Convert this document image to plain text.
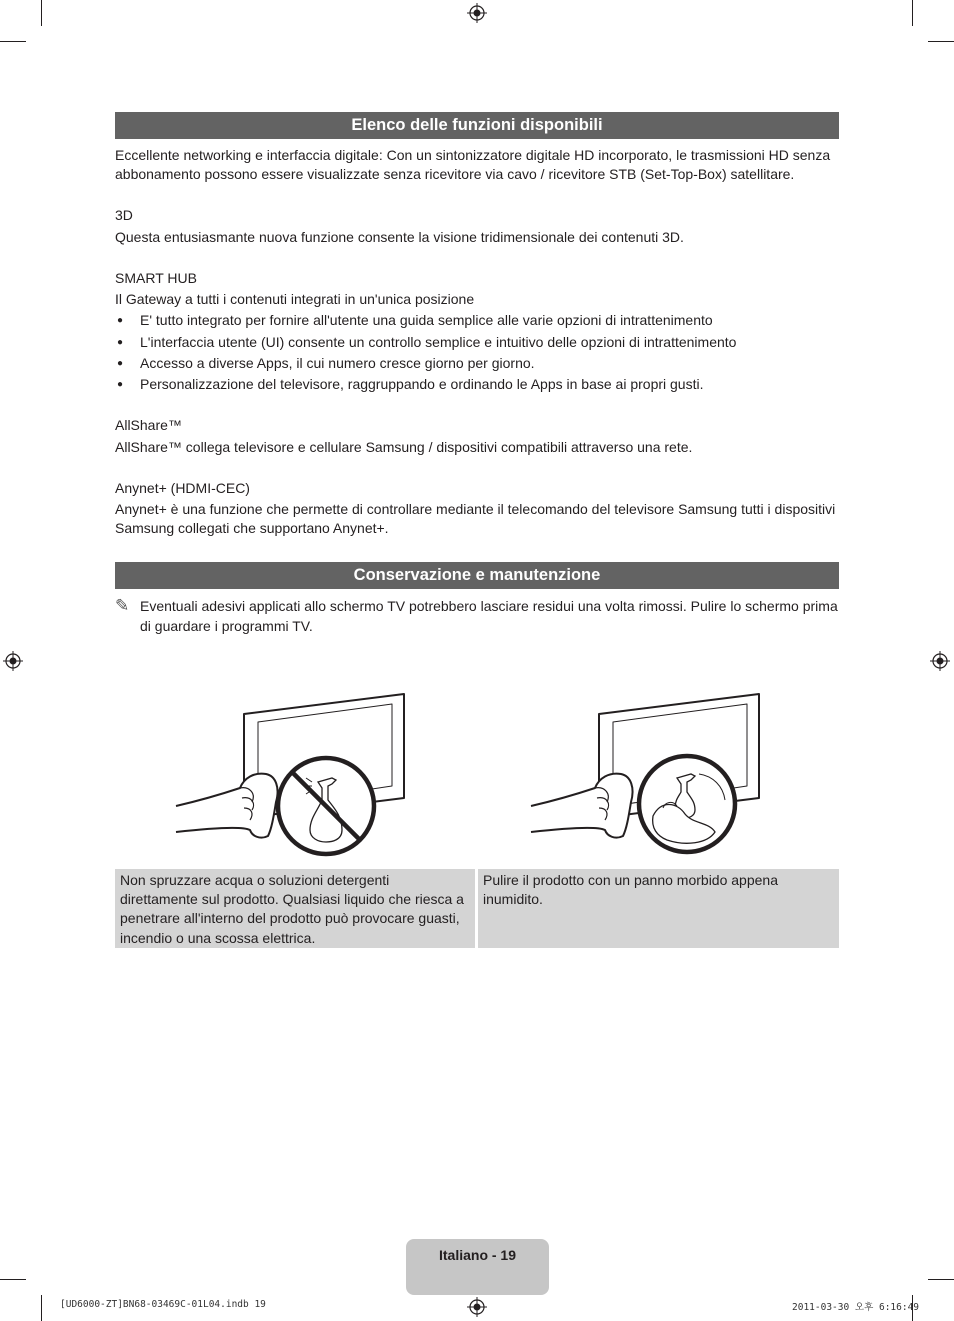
Elenco delle funzioni disponibili

Eccellente networking e interfaccia digitale: Con un sintonizzatore digitale HD incorporato, le trasmissioni HD senza abbonamento possono essere visualizzate senza ricevitore via cavo / ricevitore STB (Set-Top-Box) satellitare.

3D

Questa entusiasmante nuova funzione consente la visione tridimensionale dei contenuti 3D.

SMART HUB

Il Gateway a tutti i contenuti integrati in un'unica posizione

● E' tutto integrato per fornire all'utente una guida semplice alle varie opzioni di intrattenimento
● L'interfaccia utente (UI) consente un controllo semplice e intuitivo delle opzioni di intrattenimento
● Accesso a diverse Apps, il cui numero cresce giorno per giorno.
● Personalizzazione del televisore, raggruppando e ordinando le Apps in base ai propri gusti.

AllShare™

AllShare™ collega televisore e cellulare Samsung / dispositivi compatibili attraverso una rete.

Anynet+ (HDMI-CEC)

Anynet+ è una funzione che permette di controllare mediante il telecomando del televisore Samsung tutti i dispositivi Samsung collegati che supportano Anynet+.

Conservazione e manutenzione
✎ Eventuali adesivi applicati allo schermo TV potrebbero lasciare residui una volta rimossi. Pulire lo schermo prima di guardare i programmi TV.

Non spruzzare acqua o soluzioni detergenti direttamente sul prodotto. Qualsiasi liquido che riesca a penetrare all'interno del prodotto può provocare guasti, incendio o una scossa elettrica.
Pulire il prodotto con un panno morbido appena inumidito.
Italiano - 19
[UD6000-ZT]BN68-03469C-01L04.indb 19	2011-03-30 오후 6:16:49
